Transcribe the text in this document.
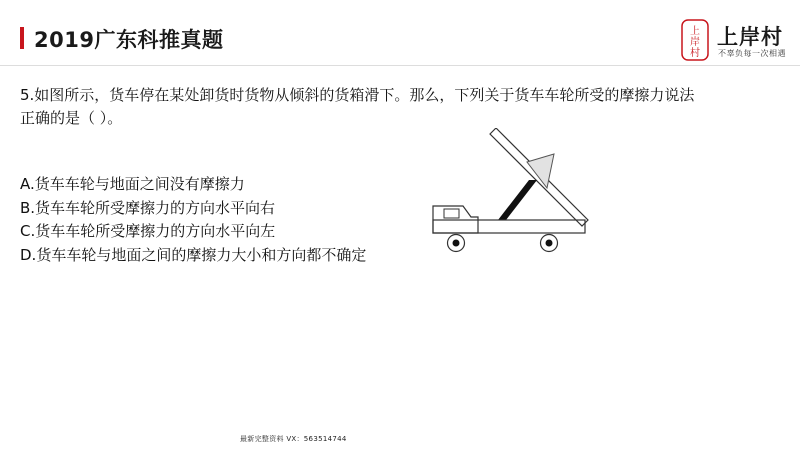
2019广东科推真题	上
岸
村
上岸村
不辜负每一次相遇

5.如图所示，货车停在某处卸货时货物从倾斜的货箱滑下。那么，下列关于货车车轮所受的摩擦力说法

正确的是（ ）。

A.货车车轮与地面之间没有摩擦力
B.货车车轮所受摩擦力的方向水平向右
C.货车车轮所受摩擦力的方向水平向左
D.货车车轮与地面之间的摩擦力大小和方向都不确定
最新完整资料 VX：563514744
